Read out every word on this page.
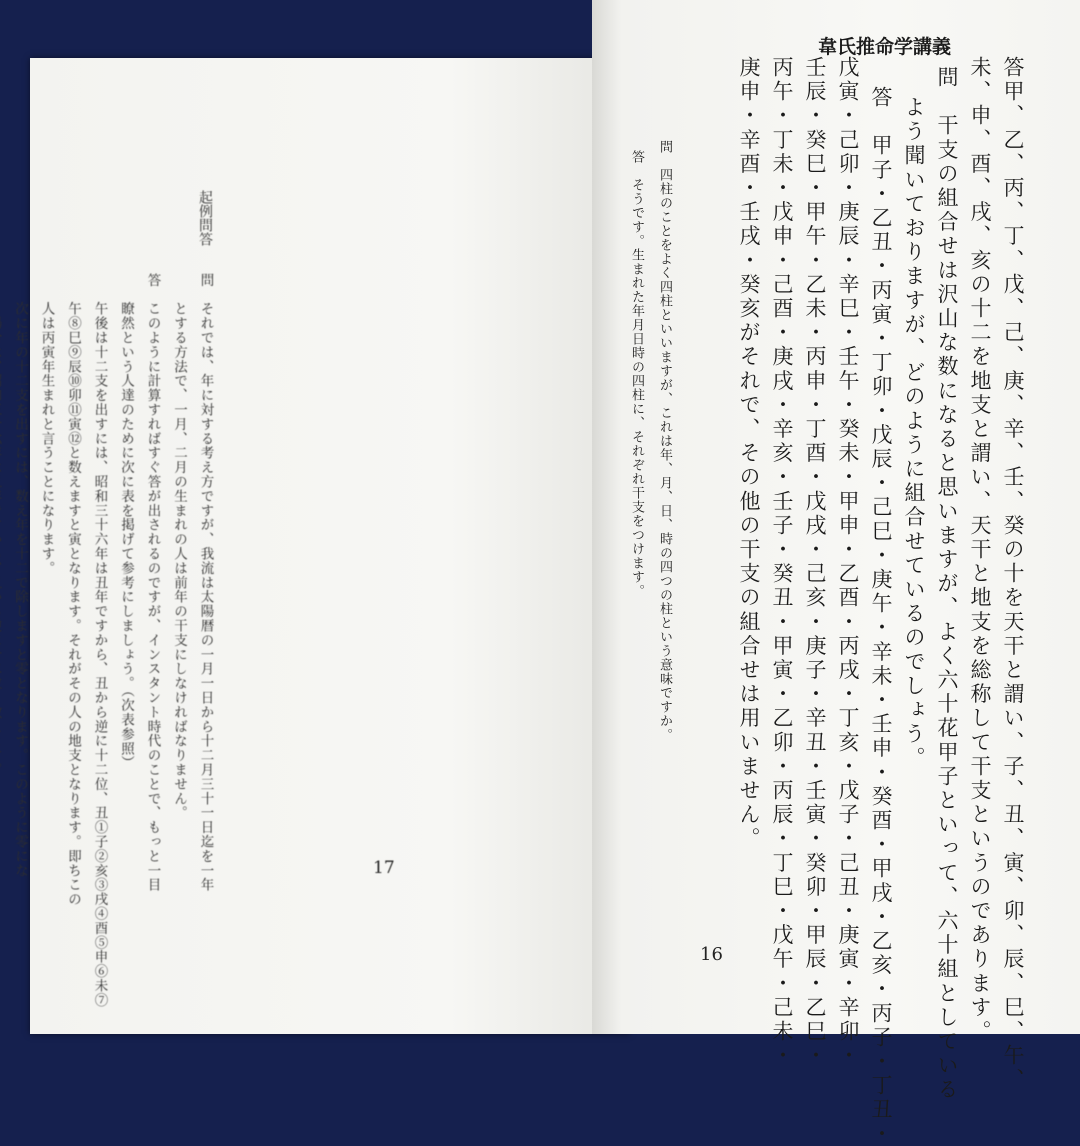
起例問答
問　それでは、年に対する考え方ですが、我流は太陽暦の一月一日から十二月三十一日迄を一年
　　とする方法で、一月、二月の生まれの人は前年の干支にしなければなりません。
答　このように計算すればすぐ答が出されるのですが、インスタント時代のことで、もっと一目
　　瞭然という人達のために次に表を掲げて参考にしましょう。（次表参照）
　　午後は十二支を出すには、昭和三十六年は丑年ですから、丑から逆に十二位、丑①子②亥③戌④酉⑤申⑥未⑦
　　午⑧巳⑨辰⑩卯⑪寅⑫と数えますと寅となります。それがその人の地支となります。即ちこの
　　人は丙寅年生まれと言うことになります。
　　次に年の十二支を出すには、数え年を十二で除しますと零となります。このように零にな	17
韋氏推命学講義
答甲、乙、丙、丁、戊、己、庚、辛、壬、癸の十を天干と謂い、子、丑、寅、卯、辰、巳、午、
未、申、酉、戌、亥の十二を地支と謂い、天干と地支を総称して干支というのであります。
問　干支の組合せは沢山な数になると思いますが、よく六十花甲子といって、六十組としている
よう聞いておりますが、どのように組合せているのでしょう。
答　甲子・乙丑・丙寅・丁卯・戊辰・己巳・庚午・辛未・壬申・癸酉・甲戌・乙亥・丙子・丁丑・
戊寅・己卯・庚辰・辛巳・壬午・癸未・甲申・乙酉・丙戌・丁亥・戊子・己丑・庚寅・辛卯・
壬辰・癸巳・甲午・乙未・丙申・丁酉・戊戌・己亥・庚子・辛丑・壬寅・癸卯・甲辰・乙巳・
丙午・丁未・戊申・己酉・庚戌・辛亥・壬子・癸丑・甲寅・乙卯・丙辰・丁巳・戊午・己未・
庚申・辛酉・壬戌・癸亥がそれで、その他の干支の組合せは用いません。
問　四柱のことをよく四柱といいますが、これは年、月、日、時の四つの柱という意味ですか。
答　そうです。生まれた年月日時の四柱に、それぞれ干支をつけます。
16
